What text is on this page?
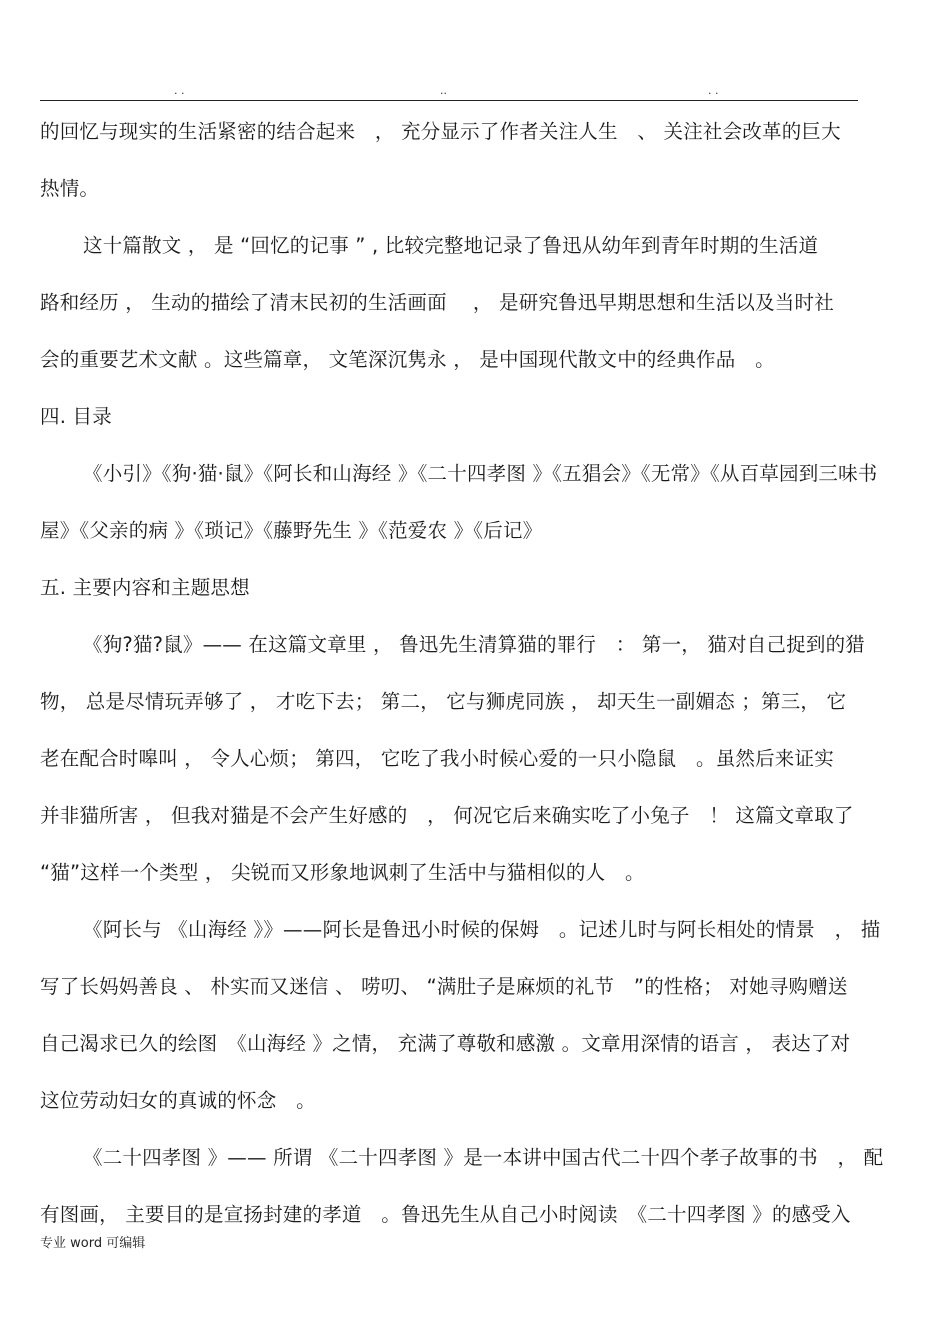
. .	..	. .
的回忆与现实的生活紧密的结合起来　， 充分显示了作者关注人生　、 关注社会改革的巨大
热情。
这十篇散文 ， 是 “回忆的记事 ” , 比较完整地记录了鲁迅从幼年到青年时期的生活道
路和经历 ， 生动的描绘了清末民初的生活画面　 ， 是研究鲁迅早期思想和生活以及当时社
会的重要艺术文献 。这些篇章， 文笔深沉隽永 ， 是中国现代散文中的经典作品　。
四. 目录
《小引》《狗·猫·鼠》《阿长和山海经 》《二十四孝图 》《五猖会》《无常》《从百草园到三味书
屋》《父亲的病 》《琐记》《藤野先生 》《范爱农 》《后记》
五. 主要内容和主题思想
《狗?猫?鼠》—— 在这篇文章里 ， 鲁迅先生清算猫的罪行　： 第一， 猫对自己捉到的猎
物， 总是尽情玩弄够了 ， 才吃下去； 第二， 它与狮虎同族 ， 却天生一副媚态 ；第三， 它
老在配合时嗥叫 ， 令人心烦； 第四， 它吃了我小时候心爱的一只小隐鼠　。虽然后来证实
并非猫所害 ， 但我对猫是不会产生好感的　， 何况它后来确实吃了小兔子　！ 这篇文章取了
“猫”这样一个类型 ， 尖锐而又形象地讽刺了生活中与猫相似的人　。
《阿长与 《山海经 》》——阿长是鲁迅小时候的保姆　。记述儿时与阿长相处的情景　， 描
写了长妈妈善良 、 朴实而又迷信 、 唠叨、 “满肚子是麻烦的礼节　”的性格； 对她寻购赠送
自己渴求已久的绘图　《山海经 》之情， 充满了尊敬和感激 。文章用深情的语言 ， 表达了对
这位劳动妇女的真诚的怀念　。
《二十四孝图 》—— 所谓 《二十四孝图 》是一本讲中国古代二十四个孝子故事的书　， 配
有图画， 主要目的是宣扬封建的孝道　。鲁迅先生从自己小时阅读　《二十四孝图 》的感受入
专业 word 可编辑
